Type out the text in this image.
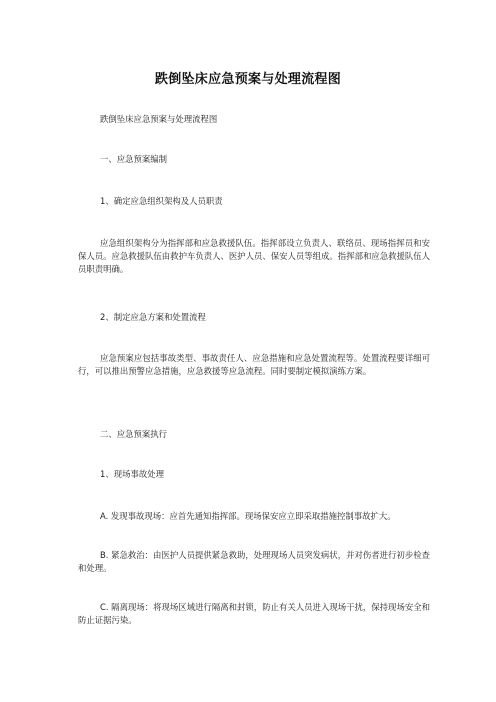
跌倒坠床应急预案与处理流程图
跌倒坠床应急预案与处理流程图
一、应急预案编制
1、确定应急组织架构及人员职责
应急组织架构分为指挥部和应急救援队伍。指挥部设立负责人、联络员、现场指挥员和安保人员。应急救援队伍由救护车负责人、医护人员、保安人员等组成。指挥部和应急救援队伍人员职责明确。
2、制定应急方案和处置流程
应急预案应包括事故类型、事故责任人、应急措施和应急处置流程等。处置流程要详细可行，可以推出预警应急措施，应急救援等应急流程。同时要制定模拟演练方案。
二、应急预案执行
1、现场事故处理
A. 发现事故现场：应首先通知指挥部。现场保安应立即采取措施控制事故扩大。
B. 紧急救治：由医护人员提供紧急救助，处理现场人员突发病状，并对伤者进行初步检查和处理。
C. 隔离现场：将现场区域进行隔离和封锁，防止有关人员进入现场干扰，保持现场安全和防止证据污染。
